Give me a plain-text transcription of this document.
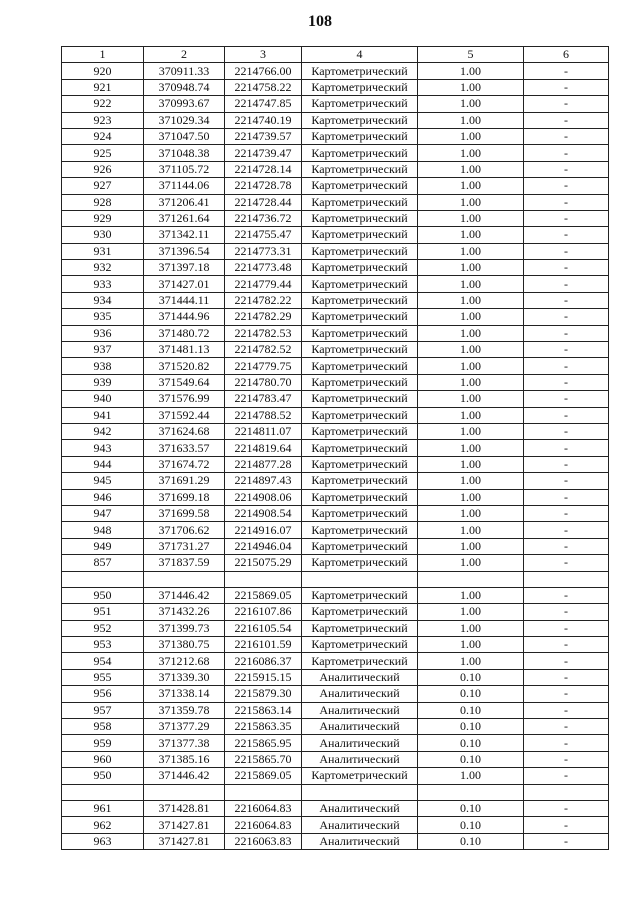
108
1	2	3	4	5	6
920	370911.33	2214766.00	Картометрический	1.00	-
921	370948.74	2214758.22	Картометрический	1.00	-
922	370993.67	2214747.85	Картометрический	1.00	-
923	371029.34	2214740.19	Картометрический	1.00	-
924	371047.50	2214739.57	Картометрический	1.00	-
925	371048.38	2214739.47	Картометрический	1.00	-
926	371105.72	2214728.14	Картометрический	1.00	-
927	371144.06	2214728.78	Картометрический	1.00	-
928	371206.41	2214728.44	Картометрический	1.00	-
929	371261.64	2214736.72	Картометрический	1.00	-
930	371342.11	2214755.47	Картометрический	1.00	-
931	371396.54	2214773.31	Картометрический	1.00	-
932	371397.18	2214773.48	Картометрический	1.00	-
933	371427.01	2214779.44	Картометрический	1.00	-
934	371444.11	2214782.22	Картометрический	1.00	-
935	371444.96	2214782.29	Картометрический	1.00	-
936	371480.72	2214782.53	Картометрический	1.00	-
937	371481.13	2214782.52	Картометрический	1.00	-
938	371520.82	2214779.75	Картометрический	1.00	-
939	371549.64	2214780.70	Картометрический	1.00	-
940	371576.99	2214783.47	Картометрический	1.00	-
941	371592.44	2214788.52	Картометрический	1.00	-
942	371624.68	2214811.07	Картометрический	1.00	-
943	371633.57	2214819.64	Картометрический	1.00	-
944	371674.72	2214877.28	Картометрический	1.00	-
945	371691.29	2214897.43	Картометрический	1.00	-
946	371699.18	2214908.06	Картометрический	1.00	-
947	371699.58	2214908.54	Картометрический	1.00	-
948	371706.62	2214916.07	Картометрический	1.00	-
949	371731.27	2214946.04	Картометрический	1.00	-
857	371837.59	2215075.29	Картометрический	1.00	-

950	371446.42	2215869.05	Картометрический	1.00	-
951	371432.26	2216107.86	Картометрический	1.00	-
952	371399.73	2216105.54	Картометрический	1.00	-
953	371380.75	2216101.59	Картометрический	1.00	-
954	371212.68	2216086.37	Картометрический	1.00	-
955	371339.30	2215915.15	Аналитический	0.10	-
956	371338.14	2215879.30	Аналитический	0.10	-
957	371359.78	2215863.14	Аналитический	0.10	-
958	371377.29	2215863.35	Аналитический	0.10	-
959	371377.38	2215865.95	Аналитический	0.10	-
960	371385.16	2215865.70	Аналитический	0.10	-
950	371446.42	2215869.05	Картометрический	1.00	-

961	371428.81	2216064.83	Аналитический	0.10	-
962	371427.81	2216064.83	Аналитический	0.10	-
963	371427.81	2216063.83	Аналитический	0.10	-
